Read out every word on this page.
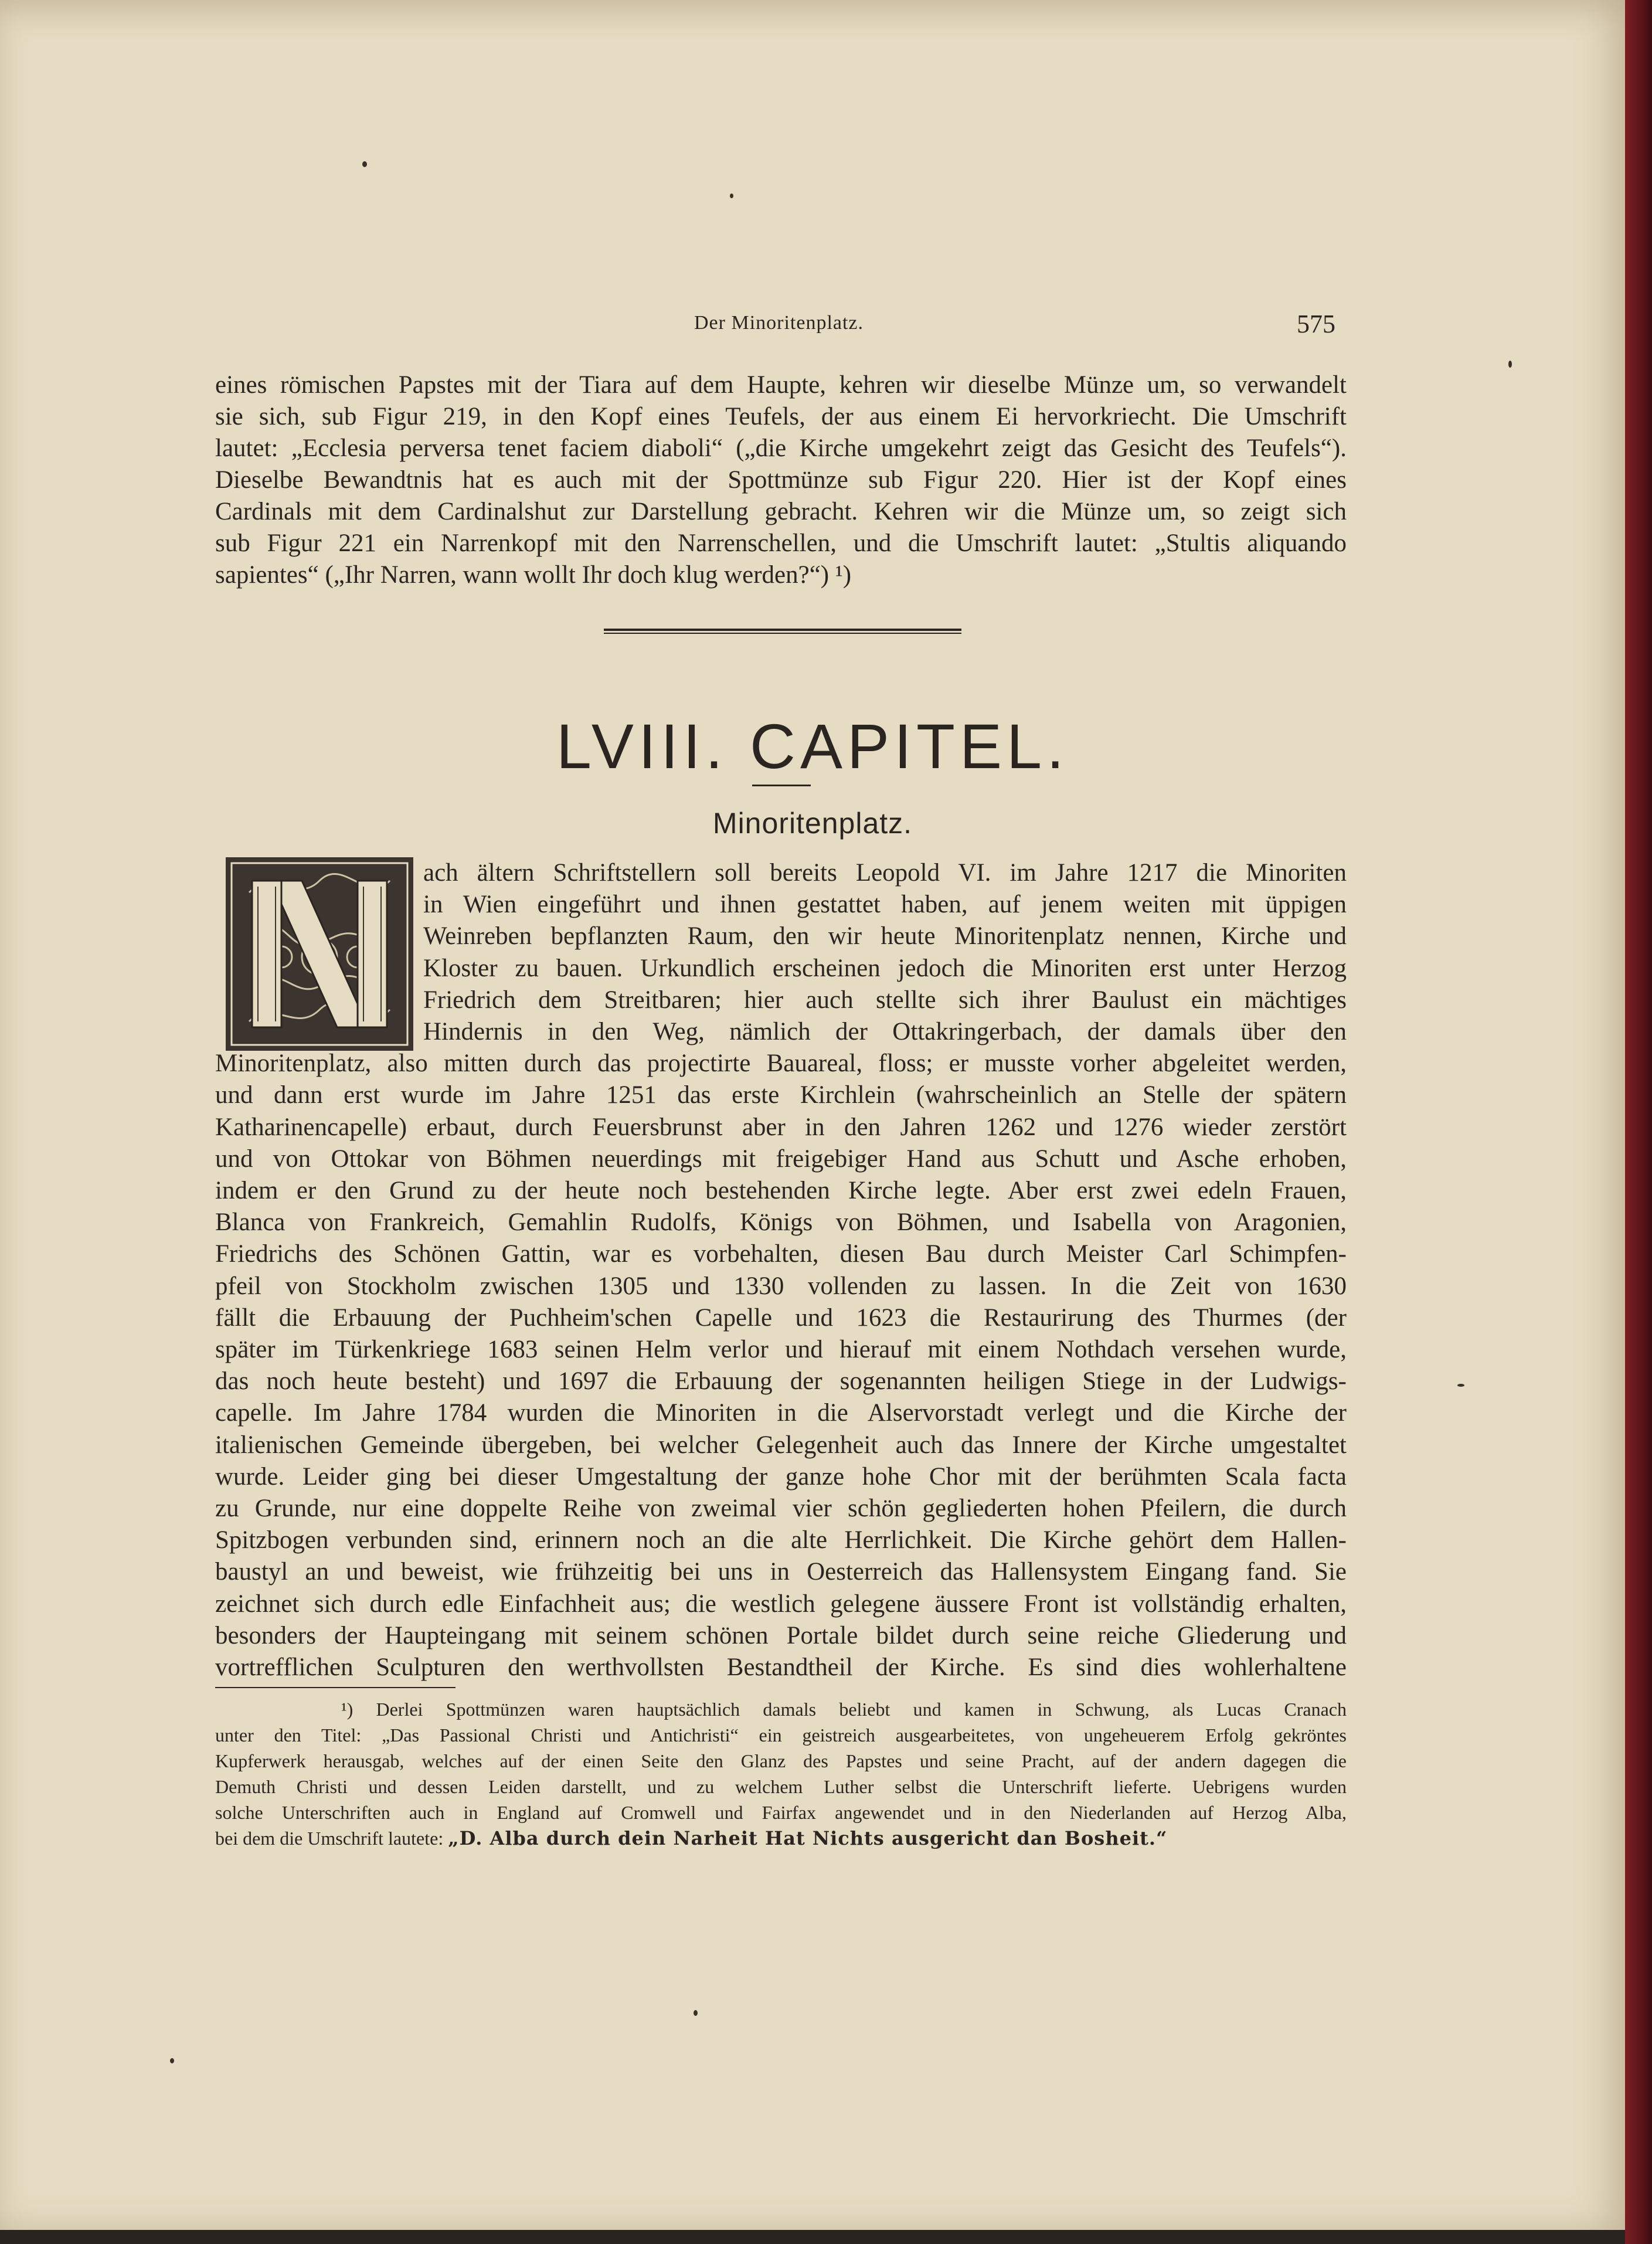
Der Minoritenplatz.	575
eines römischen Papstes mit der Tiara auf dem Haupte, kehren wir dieselbe Münze um, so verwandelt
sie sich, sub Figur 219, in den Kopf eines Teufels, der aus einem Ei hervorkriecht. Die Umschrift
lautet: „Ecclesia perversa tenet faciem diaboli“ („die Kirche umgekehrt zeigt das Gesicht des Teufels“).
Dieselbe Bewandtnis hat es auch mit der Spottmünze sub Figur 220. Hier ist der Kopf eines
Cardinals mit dem Cardinalshut zur Darstellung gebracht. Kehren wir die Münze um, so zeigt sich
sub Figur 221 ein Narrenkopf mit den Narrenschellen, und die Umschrift lautet: „Stultis aliquando
sapientes“ („Ihr Narren, wann wollt Ihr doch klug werden?“) ¹)
LVIII. CAPITEL.
Minoritenplatz.
ach ältern Schriftstellern soll bereits Leopold VI. im Jahre 1217 die Minoriten
in Wien eingeführt und ihnen gestattet haben, auf jenem weiten mit üppigen
Weinreben bepflanzten Raum, den wir heute Minoritenplatz nennen, Kirche und
Kloster zu bauen. Urkundlich erscheinen jedoch die Minoriten erst unter Herzog
Friedrich dem Streitbaren; hier auch stellte sich ihrer Baulust ein mächtiges
Hindernis in den Weg, nämlich der Ottakringerbach, der damals über den
Minoritenplatz, also mitten durch das projectirte Bauareal, floss; er musste vorher abgeleitet werden,
und dann erst wurde im Jahre 1251 das erste Kirchlein (wahrscheinlich an Stelle der spätern
Katharinencapelle) erbaut, durch Feuersbrunst aber in den Jahren 1262 und 1276 wieder zerstört
und von Ottokar von Böhmen neuerdings mit freigebiger Hand aus Schutt und Asche erhoben,
indem er den Grund zu der heute noch bestehenden Kirche legte. Aber erst zwei edeln Frauen,
Blanca von Frankreich, Gemahlin Rudolfs, Königs von Böhmen, und Isabella von Aragonien,
Friedrichs des Schönen Gattin, war es vorbehalten, diesen Bau durch Meister Carl Schimpfen-
pfeil von Stockholm zwischen 1305 und 1330 vollenden zu lassen. In die Zeit von 1630
fällt die Erbauung der Puchheim'schen Capelle und 1623 die Restaurirung des Thurmes (der
später im Türkenkriege 1683 seinen Helm verlor und hierauf mit einem Nothdach versehen wurde,
das noch heute besteht) und 1697 die Erbauung der sogenannten heiligen Stiege in der Ludwigs-
capelle. Im Jahre 1784 wurden die Minoriten in die Alservorstadt verlegt und die Kirche der
italienischen Gemeinde übergeben, bei welcher Gelegenheit auch das Innere der Kirche umgestaltet
wurde. Leider ging bei dieser Umgestaltung der ganze hohe Chor mit der berühmten Scala facta
zu Grunde, nur eine doppelte Reihe von zweimal vier schön gegliederten hohen Pfeilern, die durch
Spitzbogen verbunden sind, erinnern noch an die alte Herrlichkeit. Die Kirche gehört dem Hallen-
baustyl an und beweist, wie frühzeitig bei uns in Oesterreich das Hallensystem Eingang fand. Sie
zeichnet sich durch edle Einfachheit aus; die westlich gelegene äussere Front ist vollständig erhalten,
besonders der Haupteingang mit seinem schönen Portale bildet durch seine reiche Gliederung und
vortrefflichen Sculpturen den werthvollsten Bestandtheil der Kirche. Es sind dies wohlerhaltene
¹) Derlei Spottmünzen waren hauptsächlich damals beliebt und kamen in Schwung, als Lucas Cranach
unter den Titel: „Das Passional Christi und Antichristi“ ein geistreich ausgearbeitetes, von ungeheuerem Erfolg gekröntes
Kupferwerk herausgab, welches auf der einen Seite den Glanz des Papstes und seine Pracht, auf der andern dagegen die
Demuth Christi und dessen Leiden darstellt, und zu welchem Luther selbst die Unterschrift lieferte. Uebrigens wurden
solche Unterschriften auch in England auf Cromwell und Fairfax angewendet und in den Niederlanden auf Herzog Alba,
bei dem die Umschrift lautete: „D. Alba durch dein Narheit Hat Nichts ausgericht dan Bosheit.“
